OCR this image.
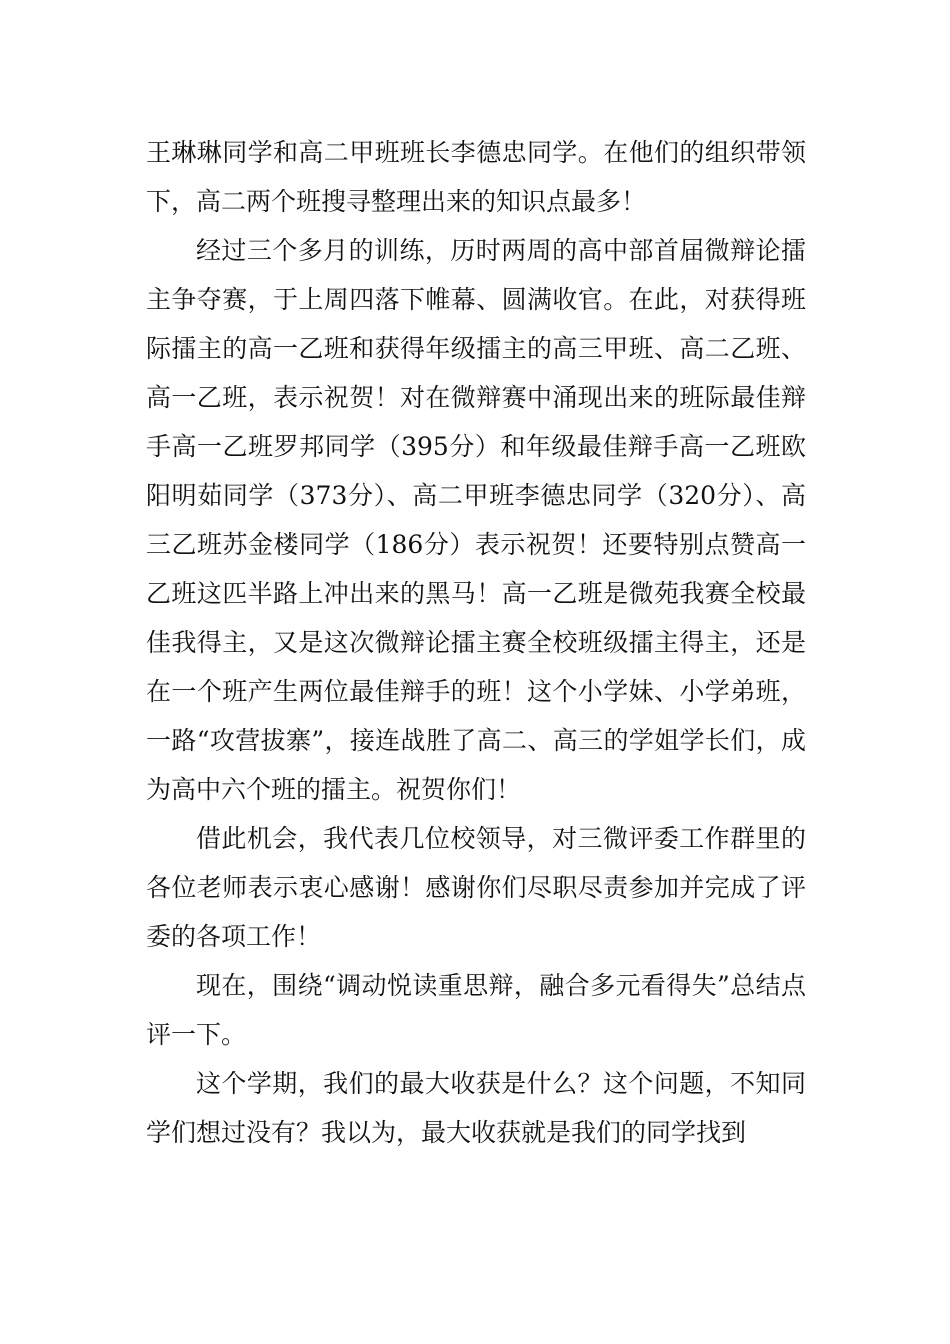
王琳琳同学和高二甲班班长李德忠同学。在他们的组织带领下，高二两个班搜寻整理出来的知识点最多！

经过三个多月的训练，历时两周的高中部首届微辩论擂主争夺赛，于上周四落下帷幕、圆满收官。在此，对获得班际擂主的高一乙班和获得年级擂主的高三甲班、高二乙班、高一乙班，表示祝贺！对在微辩赛中涌现出来的班际最佳辩手高一乙班罗邦同学（395分）和年级最佳辩手高一乙班欧阳明茹同学（373分）、高二甲班李德忠同学（320分）、高三乙班苏金楼同学（186分）表示祝贺！还要特别点赞高一乙班这匹半路上冲出来的黑马！高一乙班是微苑我赛全校最佳我得主，又是这次微辩论擂主赛全校班级擂主得主，还是在一个班产生两位最佳辩手的班！这个小学妹、小学弟班，一路“攻营拔寨”，接连战胜了高二、高三的学姐学长们，成为高中六个班的擂主。祝贺你们！

借此机会，我代表几位校领导，对三微评委工作群里的各位老师表示衷心感谢！感谢你们尽职尽责参加并完成了评委的各项工作！

现在，围绕“调动悦读重思辩，融合多元看得失”总结点评一下。

这个学期，我们的最大收获是什么？这个问题，不知同学们想过没有？我以为，最大收获就是我们的同学找到
